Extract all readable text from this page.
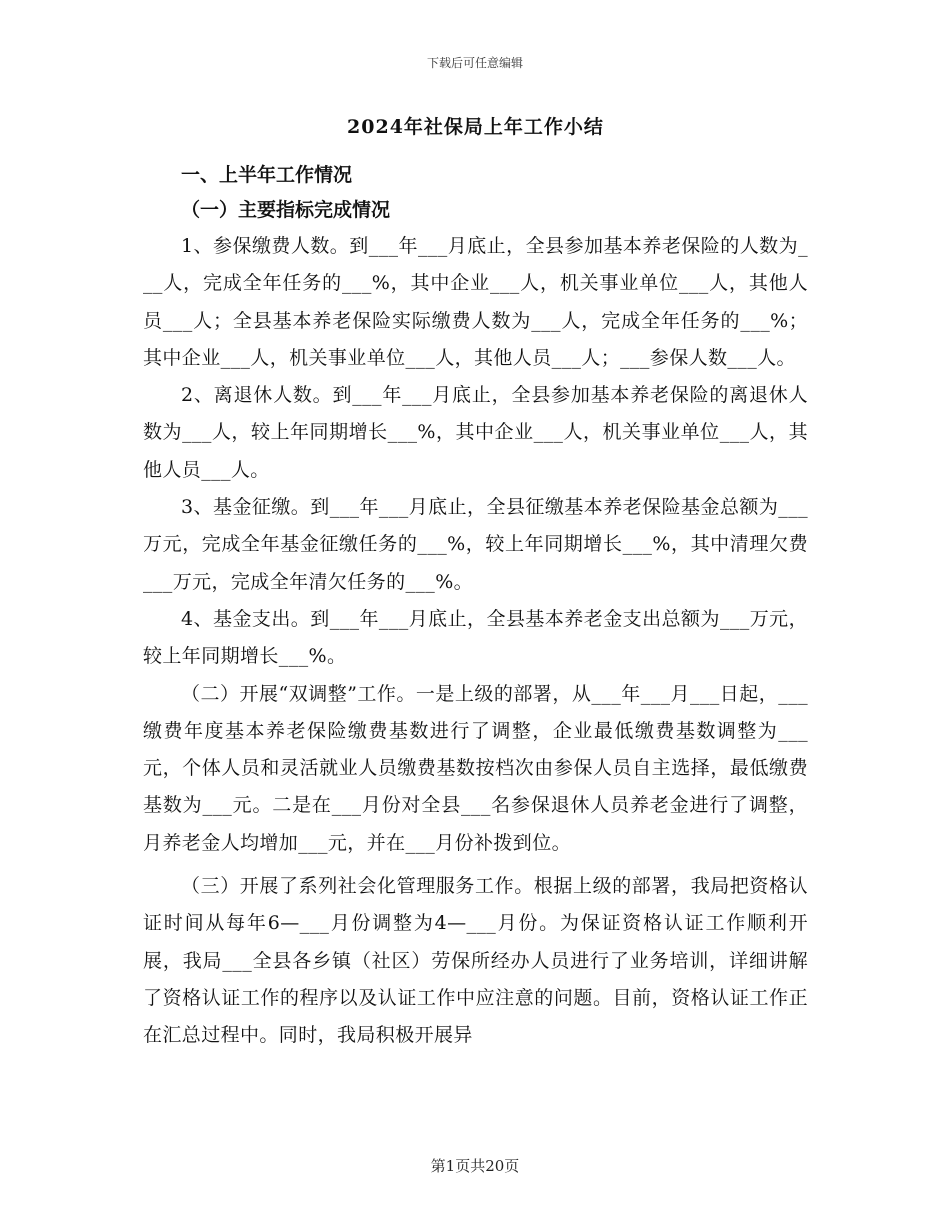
下载后可任意编辑
2024年社保局上年工作小结
一、上半年工作情况
（一）主要指标完成情况

1、参保缴费人数。到___年___月底止，全县参加基本养老保险的人数为___人，完成全年任务的___%，其中企业___人，机关事业单位___人，其他人员___人；全县基本养老保险实际缴费人数为___人，完成全年任务的___%；其中企业___人，机关事业单位___人，其他人员___人；___参保人数___人。

2、离退休人数。到___年___月底止，全县参加基本养老保险的离退休人数为___人，较上年同期增长___%，其中企业___人，机关事业单位___人，其他人员___人。

3、基金征缴。到___年___月底止，全县征缴基本养老保险基金总额为___万元，完成全年基金征缴任务的___%，较上年同期增长___%，其中清理欠费___万元，完成全年清欠任务的___%。

4、基金支出。到___年___月底止，全县基本养老金支出总额为___万元，较上年同期增长___%。

（二）开展“双调整”工作。一是上级的部署，从___年___月___日起，___缴费年度基本养老保险缴费基数进行了调整，企业最低缴费基数调整为___元，个体人员和灵活就业人员缴费基数按档次由参保人员自主选择，最低缴费基数为___元。二是在___月份对全县___名参保退休人员养老金进行了调整，月养老金人均增加___元，并在___月份补拨到位。

（三）开展了系列社会化管理服务工作。根据上级的部署，我局把资格认证时间从每年6—___月份调整为4—___月份。为保证资格认证工作顺利开展，我局___全县各乡镇（社区）劳保所经办人员进行了业务培训，详细讲解了资格认证工作的程序以及认证工作中应注意的问题。目前，资格认证工作正在汇总过程中。同时，我局积极开展异

第1页共20页
